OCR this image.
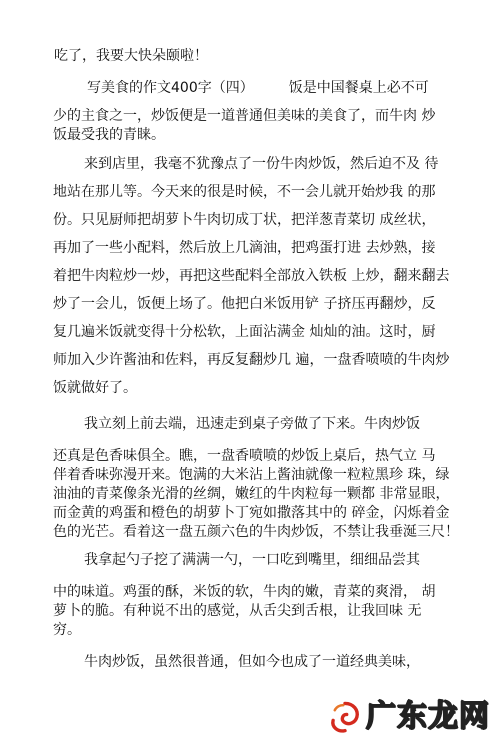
吃了，我要大快朵颐啦！

写美食的作文400字（四）　　　饭是中国餐桌上必不可

少的主食之一，炒饭便是一道普通但美味的美食了，而牛肉 炒

饭最受我的青睐。

来到店里，我毫不犹豫点了一份牛肉炒饭，然后迫不及 待

地站在那儿等。今天来的很是时候，不一会儿就开始炒我 的那

份。只见厨师把胡萝卜牛肉切成丁状，把洋葱青菜切 成丝状，

再加了一些小配料，然后放上几滴油，把鸡蛋打进 去炒熟，接

着把牛肉粒炒一炒，再把这些配料全部放入铁板 上炒，翻来翻去

炒了一会儿，饭便上场了。他把白米饭用铲 子挤压再翻炒，反

复几遍米饭就变得十分松软，上面沾满金 灿灿的油。这时，厨

师加入少许酱油和佐料，再反复翻炒几 遍，一盘香喷喷的牛肉炒

饭就做好了。

我立刻上前去端，迅速走到桌子旁做了下来。牛肉炒饭

还真是色香味俱全。瞧，一盘香喷喷的炒饭上桌后，热气立 马

伴着香味弥漫开来。饱满的大米沾上酱油就像一粒粒黑珍 珠，绿

油油的青菜像条光滑的丝绸，嫩红的牛肉粒每一颗都 非常显眼，

而金黄的鸡蛋和橙色的胡萝卜丁宛如撒落其中的 碎金，闪烁着金

色的光芒。看着这一盘五颜六色的牛肉炒饭，不禁让我垂涎三尺！

我拿起勺子挖了满满一勺，一口吃到嘴里，细细品尝其

中的味道。鸡蛋的酥，米饭的软，牛肉的嫩，青菜的爽滑， 胡

萝卜的脆。有种说不出的感觉，从舌尖到舌根，让我回味 无

穷。

牛肉炒饭，虽然很普通，但如今也成了一道经典美味，

广东龙网
